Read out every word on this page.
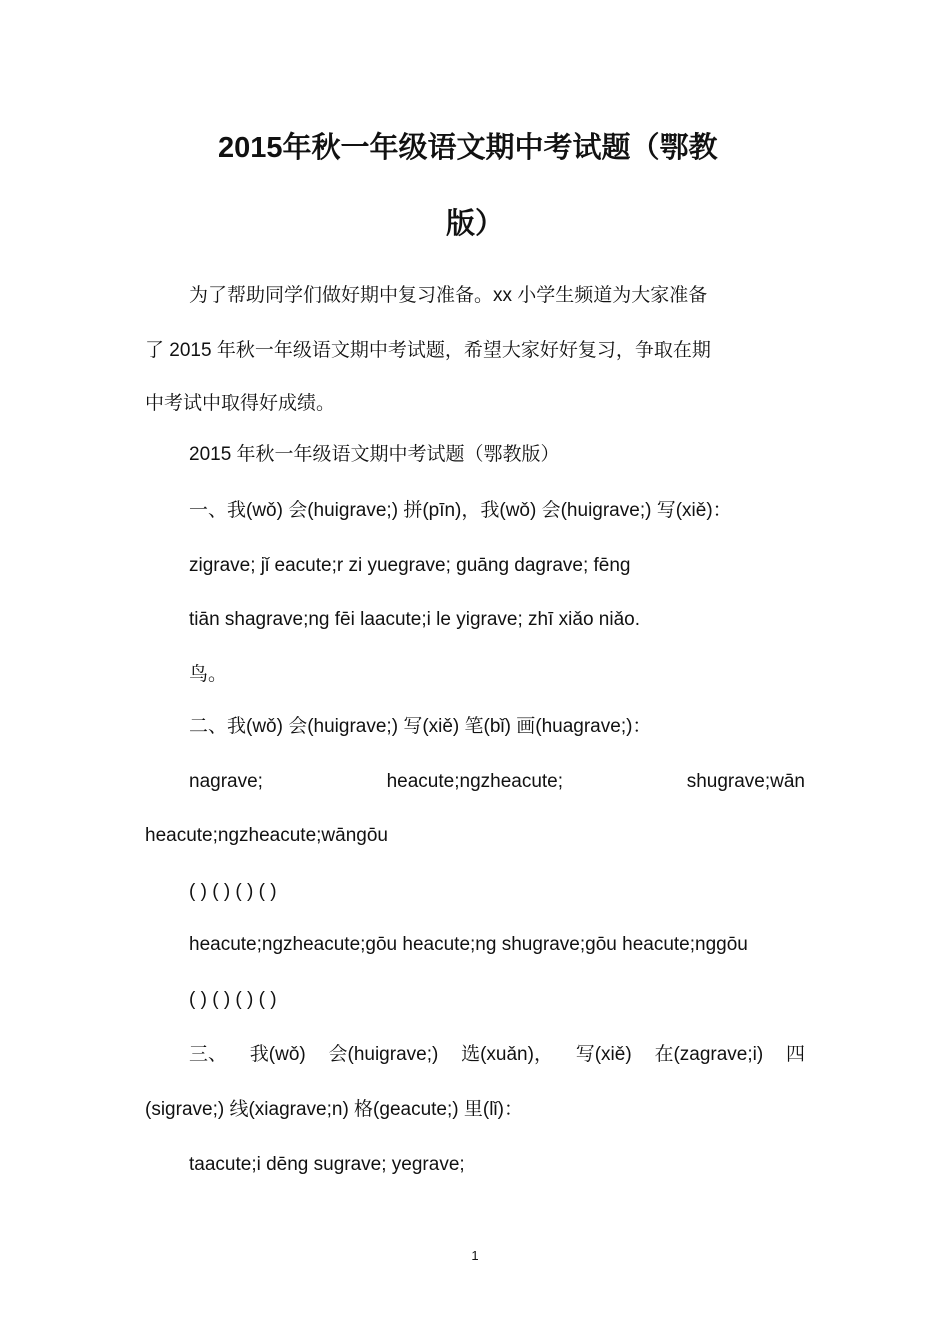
2015年秋一年级语文期中考试题（鄂教
版）

为了帮助同学们做好期中复习准备。xx 小学生频道为大家准备

了 2015 年秋一年级语文期中考试题，希望大家好好复习，争取在期

中考试中取得好成绩。

2015 年秋一年级语文期中考试题（鄂教版）

一、我(wǒ) 会(huigrave;) 拼(pīn)，我(wǒ) 会(huigrave;) 写(xiě)：

zigrave; jǐ eacute;r zi yuegrave; guāng dagrave; fēng

tiān shagrave;ng fēi laacute;i le yigrave; zhī xiǎo niǎo.

鸟。

二、我(wǒ) 会(huigrave;) 写(xiě) 笔(bǐ) 画(huagrave;)：

nagrave;	heacute;ngzheacute;	shugrave;wān

heacute;ngzheacute;wāngōu

( ) ( ) ( ) ( )

heacute;ngzheacute;gōu heacute;ng shugrave;gōu heacute;nggōu

( ) ( ) ( ) ( )

三、 我(wǒ) 会(huigrave;) 选(xuǎn)， 写(xiě) 在(zagrave;i) 四

(sigrave;) 线(xiagrave;n) 格(geacute;) 里(lǐ)：

taacute;i dēng sugrave; yegrave;

1
